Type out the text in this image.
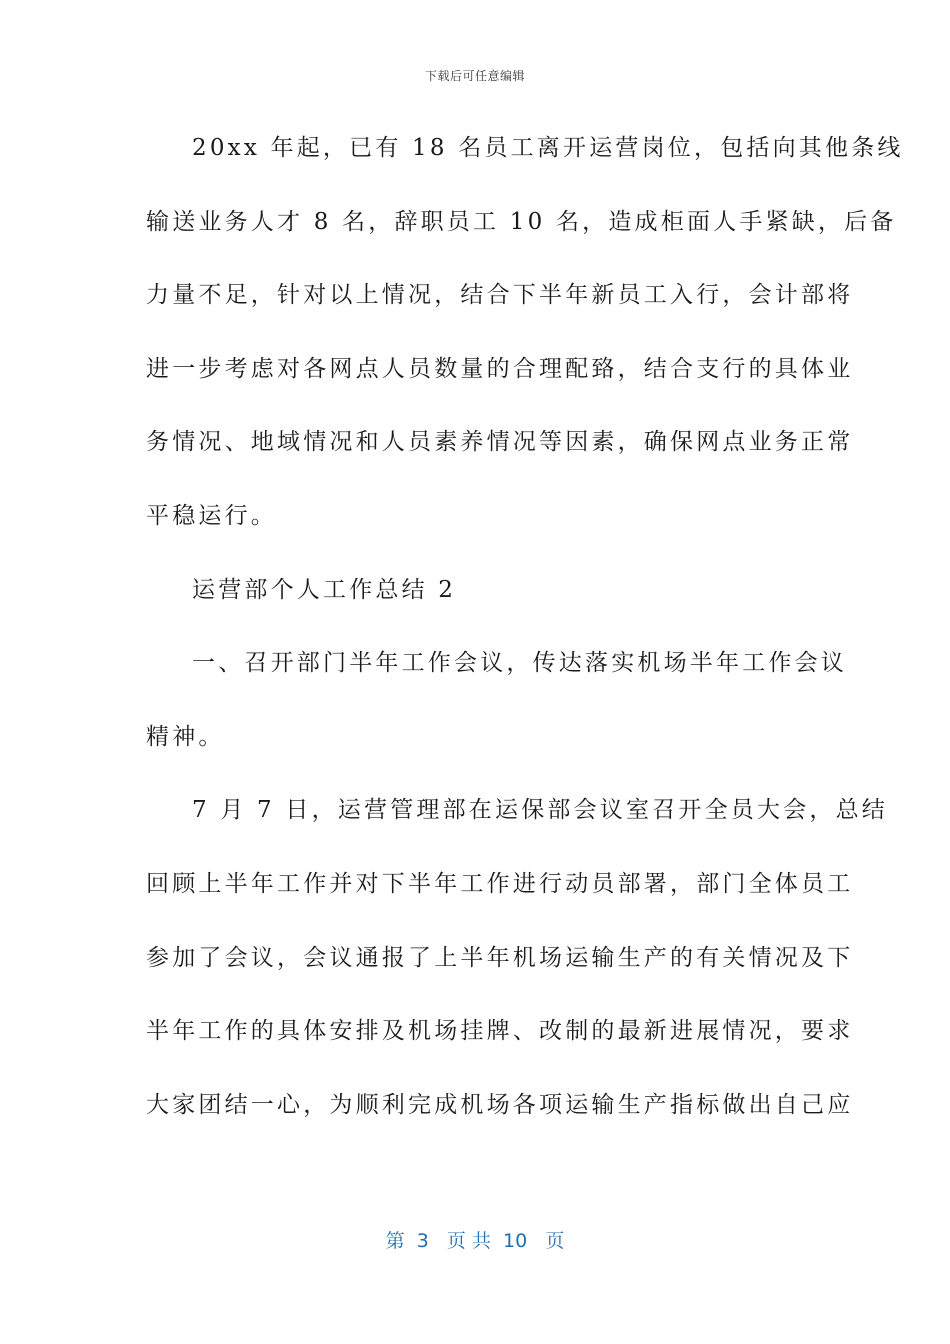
下载后可任意编辑
20xx 年起，已有 18 名员工离开运营岗位，包括向其他条线
输送业务人才 8 名，辞职员工 10 名，造成柜面人手紧缺，后备
力量不足，针对以上情况，结合下半年新员工入行，会计部将
进一步考虑对各网点人员数量的合理配臵，结合支行的具体业
务情况、地域情况和人员素养情况等因素，确保网点业务正常
平稳运行。
运营部个人工作总结 2
一、召开部门半年工作会议，传达落实机场半年工作会议
精神。
7 月 7 日，运营管理部在运保部会议室召开全员大会，总结
回顾上半年工作并对下半年工作进行动员部署，部门全体员工
参加了会议，会议通报了上半年机场运输生产的有关情况及下
半年工作的具体安排及机场挂牌、改制的最新进展情况，要求
大家团结一心，为顺利完成机场各项运输生产指标做出自己应
第  3   页 共  10   页
